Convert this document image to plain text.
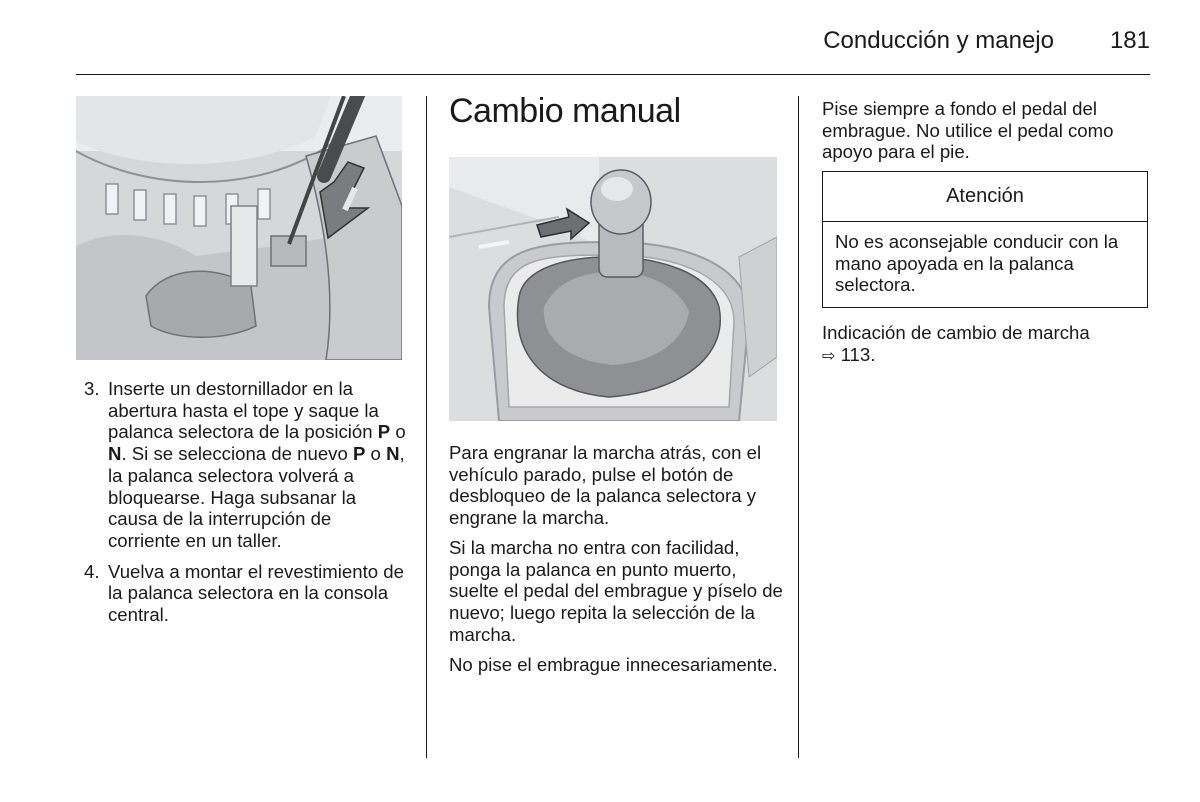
Conducción y manejo 181
3. Inserte un destornillador en la abertura hasta el tope y saque la palanca selectora de la posición P o N. Si se selecciona de nuevo P o N, la palanca selectora volverá a bloquearse. Haga subsanar la causa de la interrupción de corriente en un taller.
4. Vuelva a montar el revestimiento de la palanca selectora en la consola central.
Cambio manual

Para engranar la marcha atrás, con el vehículo parado, pulse el botón de desbloqueo de la palanca selectora y engrane la marcha.

Si la marcha no entra con facilidad, ponga la palanca en punto muerto, suelte el pedal del embrague y píselo de nuevo; luego repita la selección de la marcha.

No pise el embrague innecesariamente.

Pise siempre a fondo el pedal del embrague. No utilice el pedal como apoyo para el pie.

Atención
No es aconsejable conducir con la mano apoyada en la palanca selectora.

Indicación de cambio de marcha
⇨ 113.
